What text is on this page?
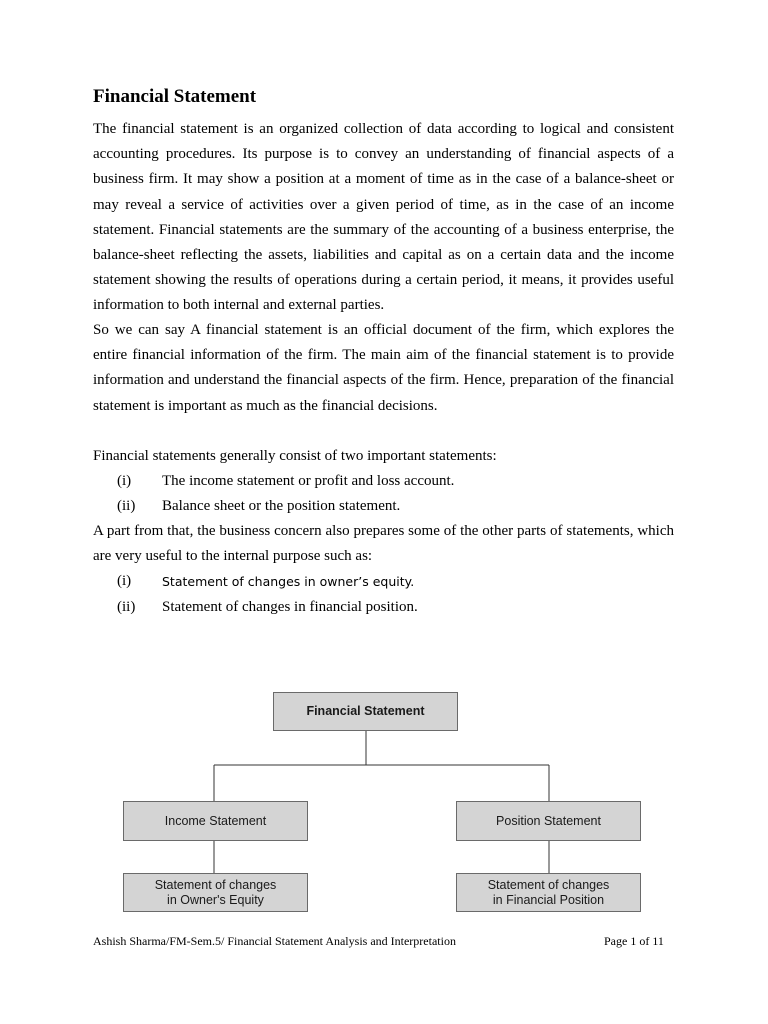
Financial Statement

The financial statement is an organized collection of data according to logical and consistent accounting procedures. Its purpose is to convey an understanding of financial aspects of a business firm. It may show a position at a moment of time as in the case of a balance-sheet or may reveal a service of activities over a given period of time, as in the case of an income statement. Financial statements are the summary of the accounting of a business enterprise, the balance-sheet reflecting the assets, liabilities and capital as on a certain data and the income statement showing the results of operations during a certain period, it means, it provides useful information to both internal and external parties.

So we can say A financial statement is an official document of the firm, which explores the entire financial information of the firm. The main aim of the financial statement is to provide information and understand the financial aspects of the firm. Hence, preparation of the financial statement is important as much as the financial decisions.

Financial statements generally consist of two important statements:

(i) The income statement or profit and loss account.
(ii) Balance sheet or the position statement.

A part from that, the business concern also prepares some of the other parts of statements, which are very useful to the internal purpose such as:

(i) Statement of changes in owner’s equity.
(ii) Statement of changes in financial position.
Financial Statement
Income Statement	Position Statement
Statement of changes
in Owner's Equity
Statement of changes
in Financial Position
Ashish Sharma/FM-Sem.5/ Financial Statement Analysis and Interpretation	Page 1 of 11
